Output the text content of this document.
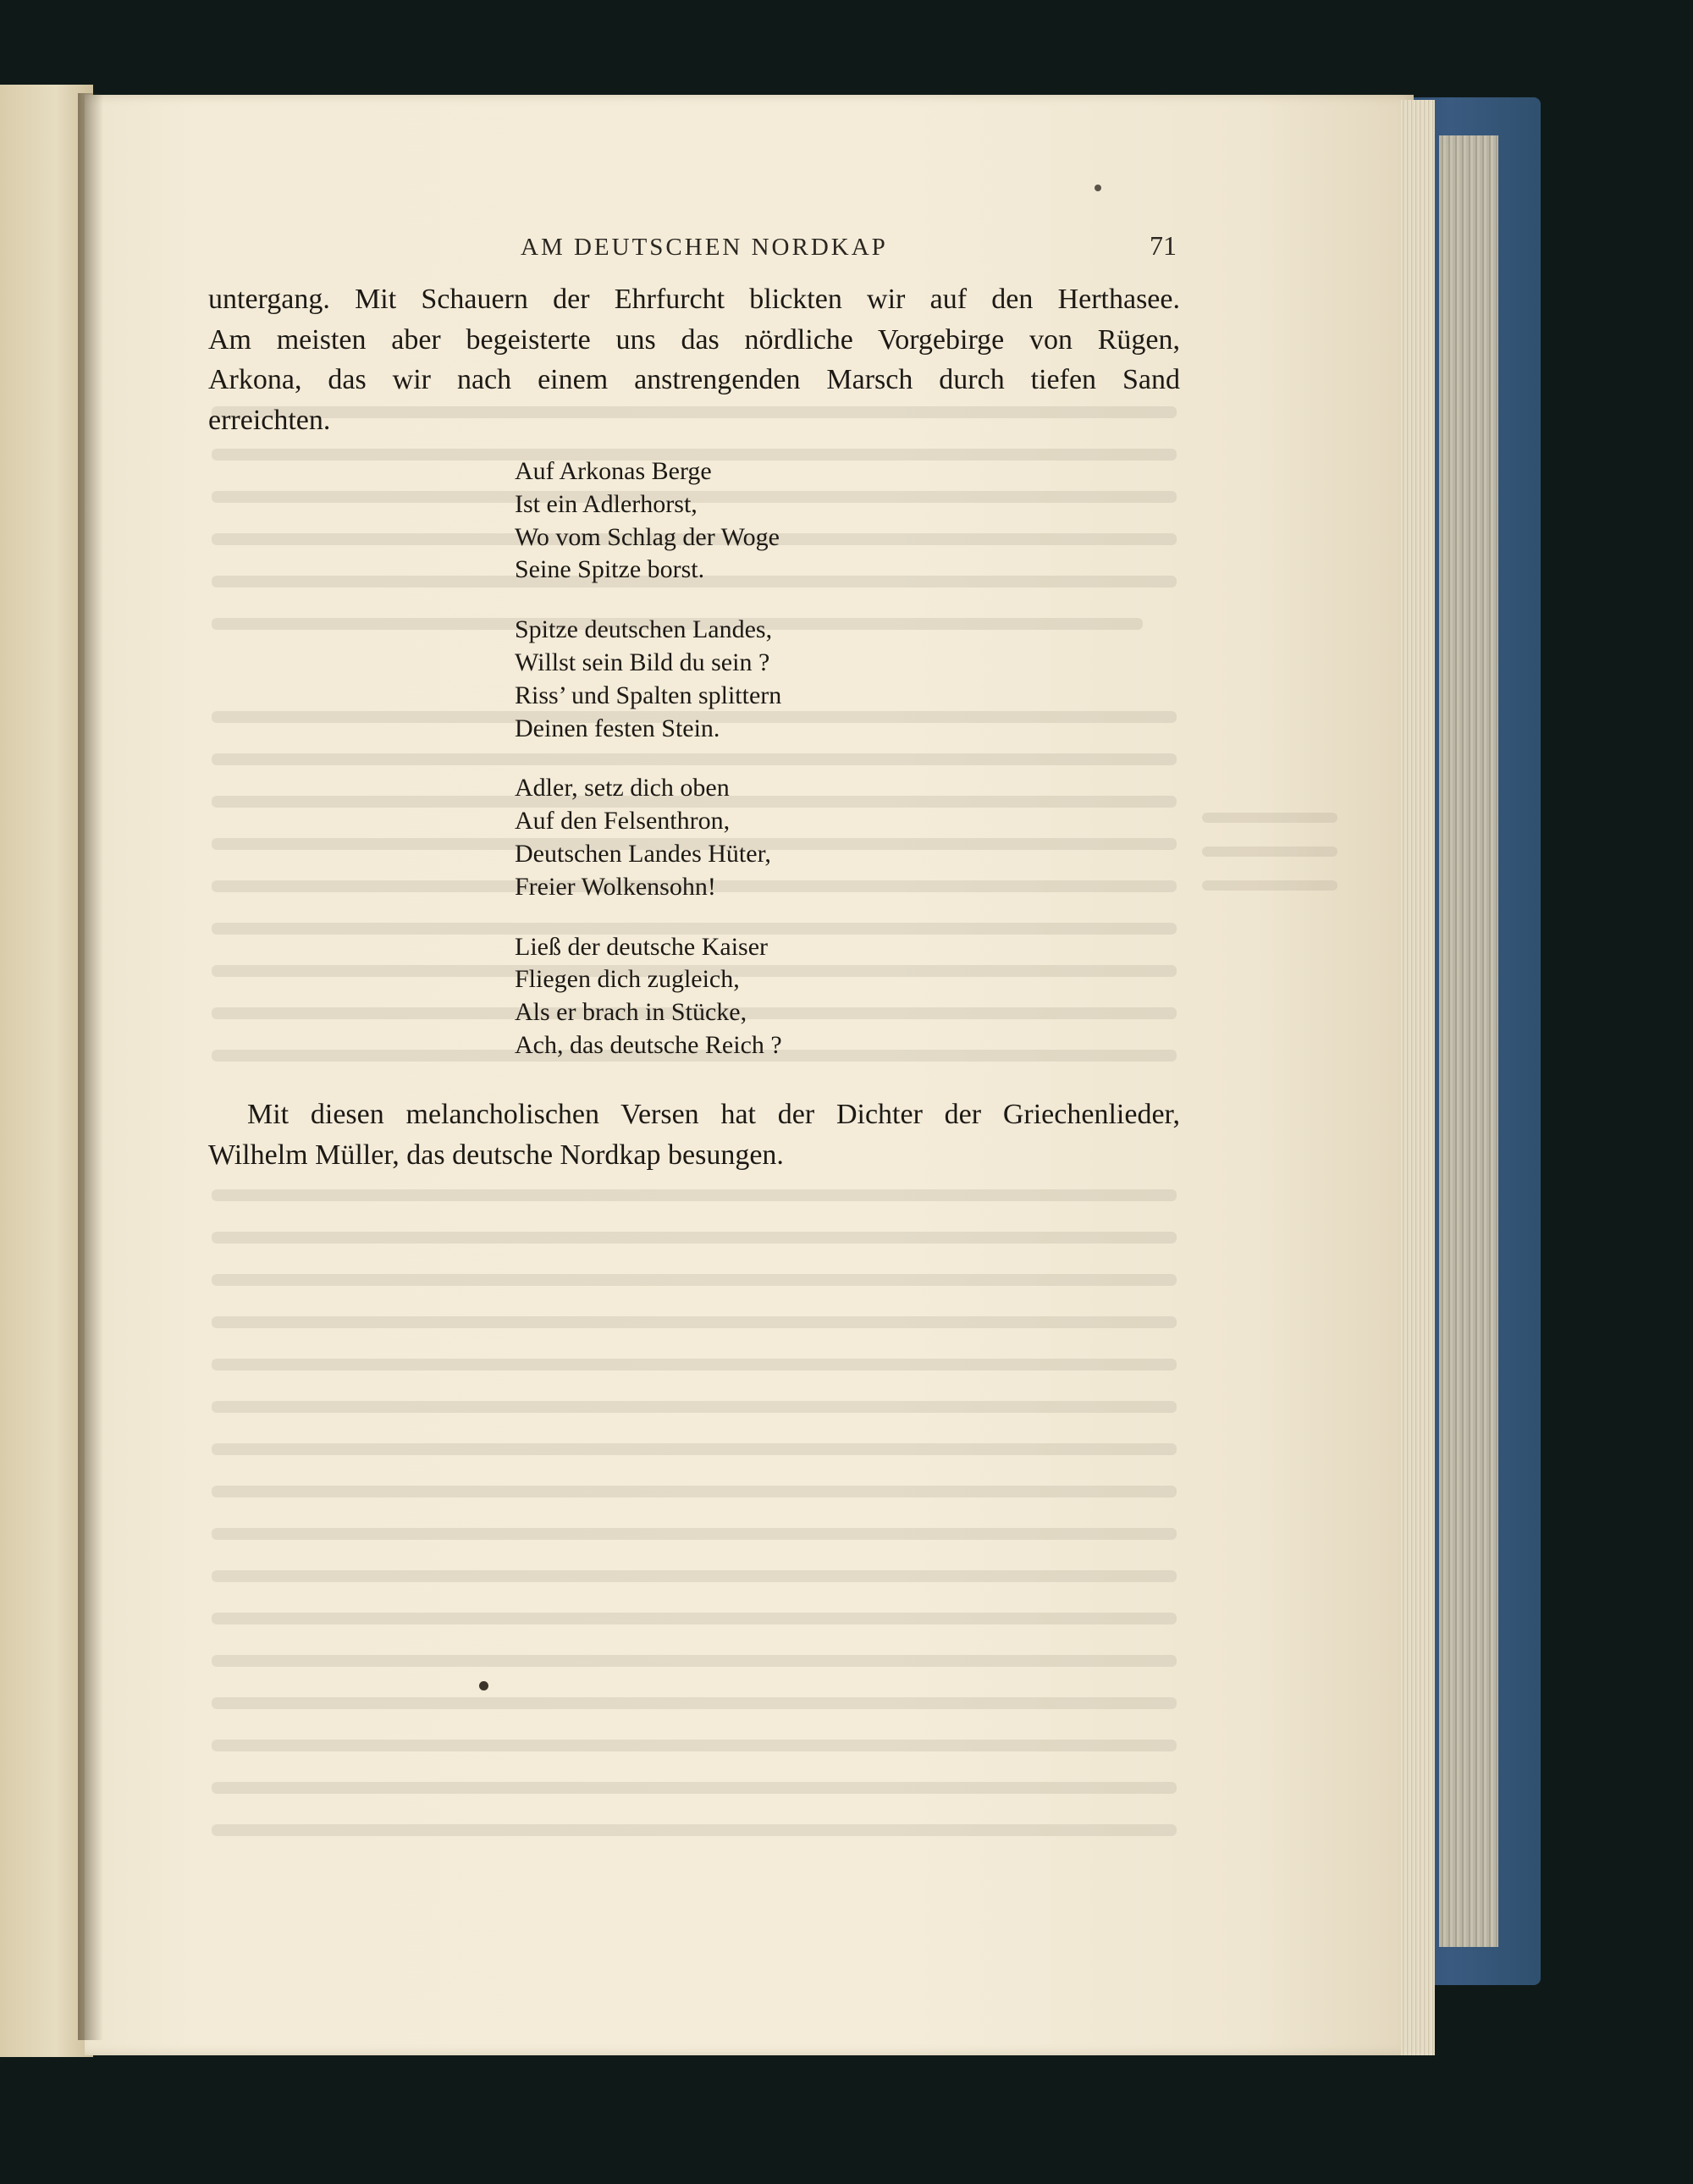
AM DEUTSCHEN NORDKAP	71
untergang. Mit Schauern der Ehrfurcht blickten wir auf den Herthasee.
Am meisten aber begeisterte uns das nördliche Vorgebirge von Rügen,
Arkona, das wir nach einem anstrengenden Marsch durch tiefen Sand
erreichten.
Auf Arkonas Berge
Ist ein Adlerhorst,
Wo vom Schlag der Woge
Seine Spitze borst.
Spitze deutschen Landes,
Willst sein Bild du sein ?
Riss’ und Spalten splittern
Deinen festen Stein.
Adler, setz dich oben
Auf den Felsenthron,
Deutschen Landes Hüter,
Freier Wolkensohn!
Ließ der deutsche Kaiser
Fliegen dich zugleich,
Als er brach in Stücke,
Ach, das deutsche Reich ?
Mit diesen melancholischen Versen hat der Dichter der Griechenlieder,
Wilhelm Müller, das deutsche Nordkap besungen.
